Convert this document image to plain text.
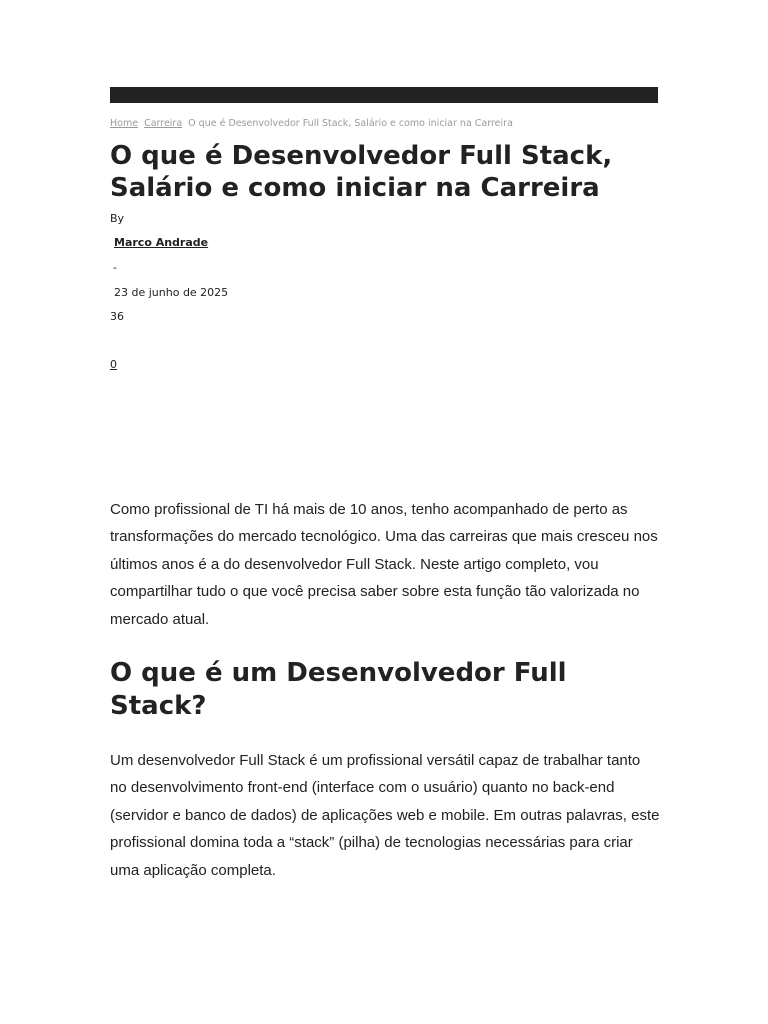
Home Carreira O que é Desenvolvedor Full Stack, Salário e como iniciar na Carreira
O que é Desenvolvedor Full Stack, Salário e como iniciar na Carreira
By
Marco Andrade
-
23 de junho de 2025
36
0

Como profissional de TI há mais de 10 anos, tenho acompanhado de perto as transformações do mercado tecnológico. Uma das carreiras que mais cresceu nos últimos anos é a do desenvolvedor Full Stack. Neste artigo completo, vou compartilhar tudo o que você precisa saber sobre esta função tão valorizada no mercado atual.

O que é um Desenvolvedor Full Stack?

Um desenvolvedor Full Stack é um profissional versátil capaz de trabalhar tanto no desenvolvimento front-end (interface com o usuário) quanto no back-end (servidor e banco de dados) de aplicações web e mobile. Em outras palavras, este profissional domina toda a “stack” (pilha) de tecnologias necessárias para criar uma aplicação completa.
